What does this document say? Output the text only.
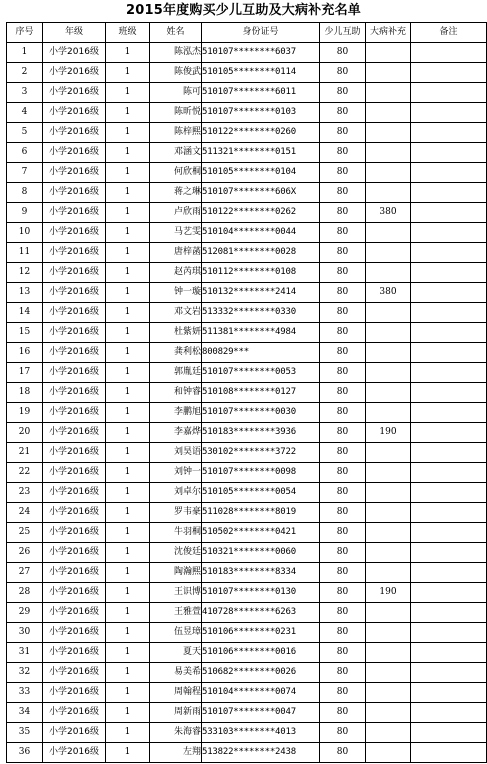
2015年度购买少儿互助及大病补充名单
序号	年级	班级	姓名	身份证号	少儿互助	大病补充	备注
1	小学2016级	1	陈泓杰	510107********6037	80		
2	小学2016级	1	陈俊武	510105********0114	80		
3	小学2016级	1	陈可	510107********6011	80		
4	小学2016级	1	陈昕悦	510107********0103	80		
5	小学2016级	1	陈梓熙	510122********0260	80		
6	小学2016级	1	邓涵文	511321********0151	80		
7	小学2016级	1	何欣桐	510105********0104	80		
8	小学2016级	1	蒋之琳	510107********606X	80		
9	小学2016级	1	卢欣雨	510122********0262	80	380	
10	小学2016级	1	马艺雯	510104********0044	80		
11	小学2016级	1	唐梓菡	512081********0028	80		
12	小学2016级	1	赵芮琪	510112********0108	80		
13	小学2016级	1	钟一璇	510132********2414	80	380	
14	小学2016级	1	邓文岩	513332********0330	80		
15	小学2016级	1	杜紫妍	511381********4984	80		
16	小学2016级	1	龚利松	800829***	80		
17	小学2016级	1	郭胤廷	510107********0053	80		
18	小学2016级	1	和钟睿	510108********0127	80		
19	小学2016级	1	李鹏旭	510107********0030	80		
20	小学2016级	1	李嘉烨	510183********3936	80	190	
21	小学2016级	1	刘昊语	530102********3722	80		
22	小学2016级	1	刘钟一	510107********0098	80		
23	小学2016级	1	刘卓尔	510105********0054	80		
24	小学2016级	1	罗韦豪	511028********8019	80		
25	小学2016级	1	牛羽桐	510502********0421	80		
26	小学2016级	1	沈俊廷	510321********0060	80		
27	小学2016级	1	陶瀚熙	510183********8334	80		
28	小学2016级	1	王识博	510107********0130	80	190	
29	小学2016级	1	王雅萱	410728********6263	80		
30	小学2016级	1	伍昱璋	510106********0231	80		
31	小学2016级	1	夏天	510106********0016	80		
32	小学2016级	1	易美希	510682********0026	80		
33	小学2016级	1	周翰程	510104********0074	80		
34	小学2016级	1	周新雨	510107********0047	80		
35	小学2016级	1	朱海睿	533103********4013	80		
36	小学2016级	1	左翔	513822********2438	80		
